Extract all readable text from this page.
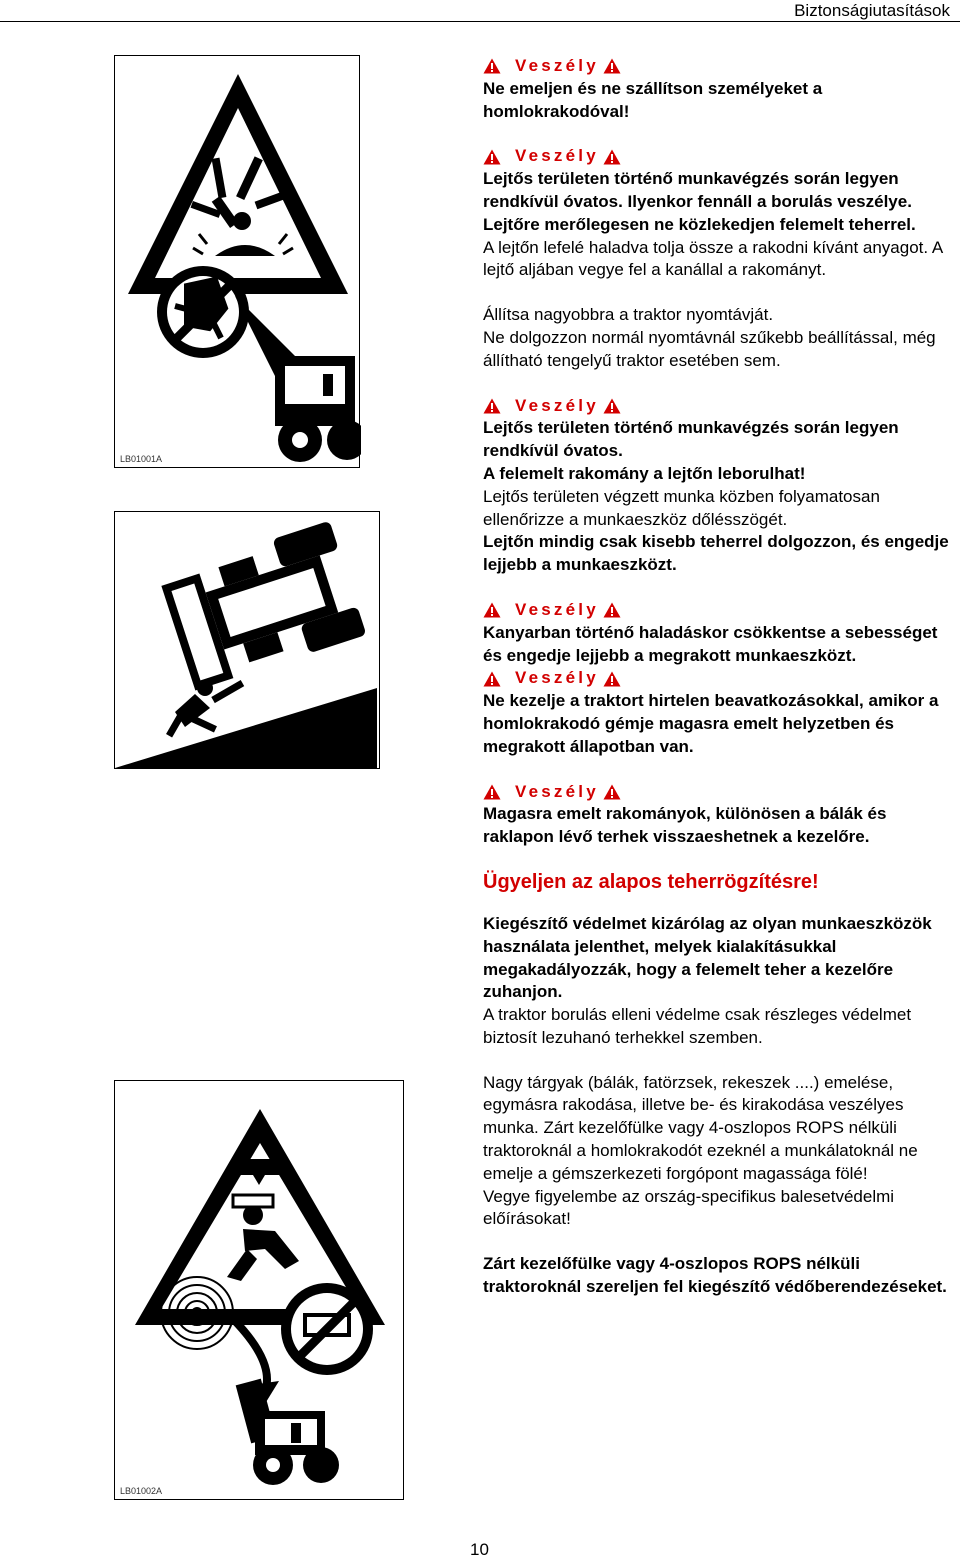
Biztonságiutasítások
LB01001A
LB01002A
Veszély

Ne emeljen és ne szállítson személyeket a homlokrakodóval!

Veszély

Lejtős területen történő munkavégzés során legyen rendkívül óvatos. Ilyenkor fennáll a borulás veszélye. Lejtőre merőlegesen ne közlekedjen felemelt teherrel.

A lejtőn lefelé haladva tolja össze a rakodni kívánt anyagot. A lejtő aljában vegye fel a kanállal a rakományt.

Állítsa nagyobbra a traktor nyomtávját.

Ne dolgozzon normál nyomtávnál szűkebb beállítással, még állítható tengelyű traktor esetében sem.

Veszély

Lejtős területen történő munkavégzés során legyen rendkívül óvatos.

A felemelt rakomány a lejtőn leborulhat!

Lejtős területen végzett munka közben folyamatosan ellenőrizze a munkaeszköz dőlésszögét.

Lejtőn mindig csak kisebb teherrel dolgozzon, és engedje lejjebb a munkaeszközt.

Veszély

Kanyarban történő haladáskor csökkentse a sebességet és engedje lejjebb a megrakott munkaeszközt.

Veszély

Ne kezelje a traktort hirtelen beavatkozásokkal, amikor a homlokrakodó gémje magasra emelt helyzetben és megrakott állapotban van.

Veszély

Magasra emelt rakományok, különösen a bálák és raklapon lévő terhek visszaeshetnek a kezelőre.

Ügyeljen az alapos teherrögzítésre!

Kiegészítő védelmet kizárólag az olyan munkaeszközök használata jelenthet, melyek kialakításukkal megakadályozzák, hogy a felemelt teher a kezelőre zuhanjon.

A traktor borulás elleni védelme csak részleges védelmet biztosít lezuhanó terhekkel szemben.

Nagy tárgyak (bálák, fatörzsek, rekeszek ....) emelése, egymásra rakodása, illetve be- és kirakodása veszélyes munka. Zárt kezelőfülke vagy 4-oszlopos ROPS nélküli traktoroknál a homlokrakodót ezeknél a munkálatoknál ne emelje a gémszerkezeti forgópont magassága fölé!

Vegye figyelembe az ország-specifikus balesetvédelmi előírásokat!

Zárt kezelőfülke vagy 4-oszlopos ROPS nélküli traktoroknál szereljen fel kiegészítő védőberendezéseket.

10
